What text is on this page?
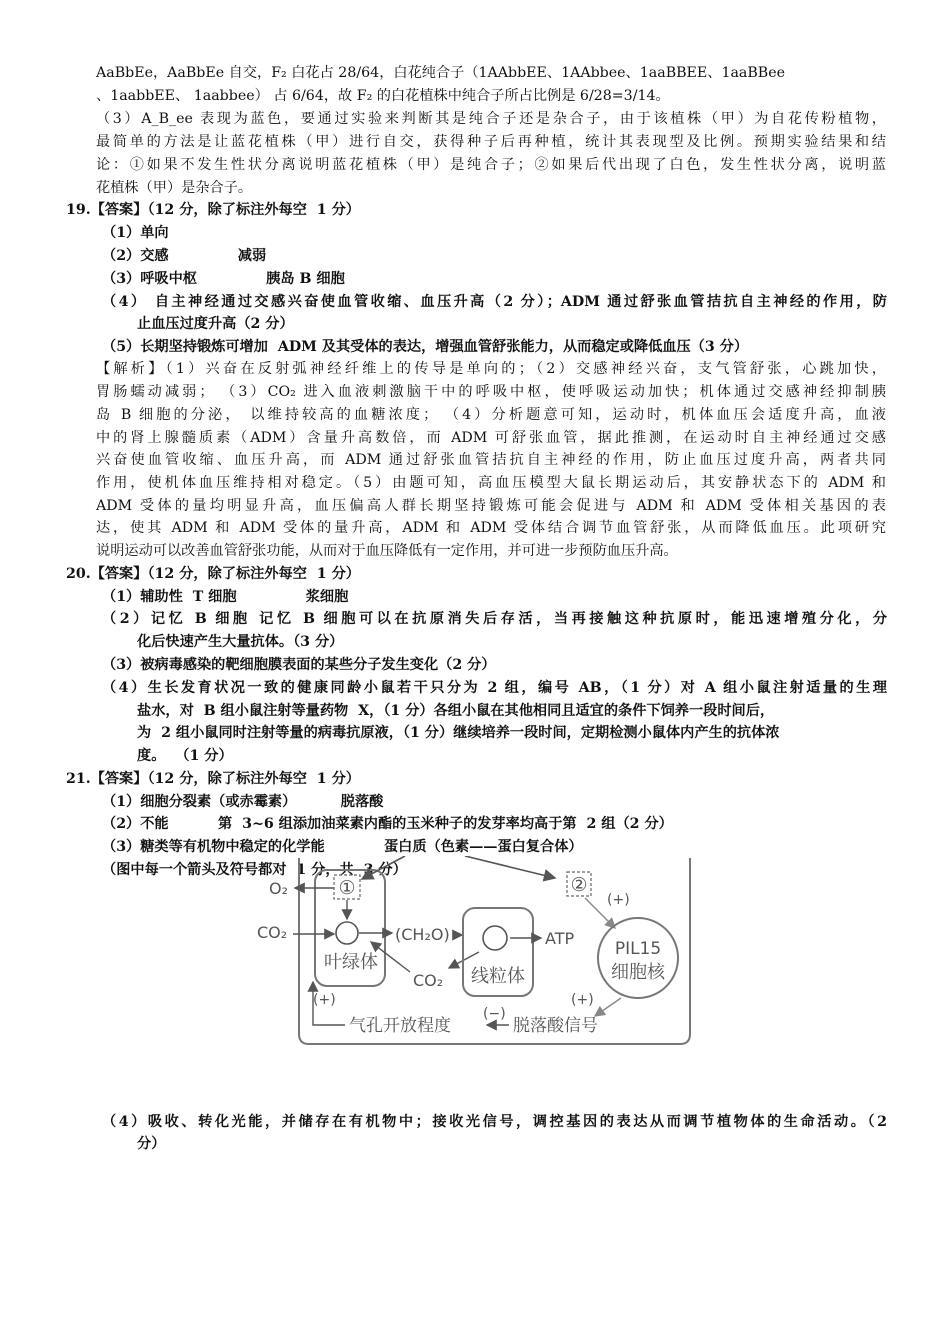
AaBbEe，AaBbEe 自交，F₂ 白花占 28/64，白花纯合子（1AAbbEE、1AAbbee、1aaBBEE、1aaBBee
、1aabbEE、 1aabbee） 占 6/64，故 F₂ 的白花植株中纯合子所占比例是 6/28=3/14。
（3）A_B_ee 表现为蓝色，要通过实验来判断其是纯合子还是杂合子，由于该植株（甲）为自花传粉植物，
最简单的方法是让蓝花植株（甲）进行自交，获得种子后再种植，统计其表现型及比例。预期实验结果和结
论：①如果不发生性状分离说明蓝花植株（甲）是纯合子；②如果后代出现了白色，发生性状分离，说明蓝
花植株（甲）是杂合子。
19.【答案】（12 分，除了标注外每空  1 分）
（1）单向
（2）交感              减弱
（3）呼吸中枢              胰岛 B 细胞
（4） 自主神经通过交感兴奋使血管收缩、血压升高（2 分）；ADM 通过舒张血管拮抗自主神经的作用，防
止血压过度升高（2 分）
（5）长期坚持锻炼可增加  ADM 及其受体的表达，增强血管舒张能力，从而稳定或降低血压（3 分）
【解析】（1）兴奋在反射弧神经纤维上的传导是单向的；（2）交感神经兴奋，支气管舒张，心跳加快，
胃肠蠕动减弱； （3）CO₂ 进入血液刺激脑干中的呼吸中枢，使呼吸运动加快；机体通过交感神经抑制胰
岛 B 细胞的分泌， 以维持较高的血糖浓度； （4）分析题意可知，运动时，机体血压会适度升高，血液
中的肾上腺髓质素（ADM）含量升高数倍，而 ADM 可舒张血管，据此推测，在运动时自主神经通过交感
兴奋使血管收缩、血压升高，而 ADM 通过舒张血管拮抗自主神经的作用，防止血压过度升高，两者共同
作用，使机体血压维持相对稳定。（5）由题可知，高血压模型大鼠长期运动后，其安静状态下的 ADM 和
ADM 受体的量均明显升高，血压偏高人群长期坚持锻炼可能会促进与 ADM 和 ADM 受体相关基因的表
达，使其 ADM 和 ADM 受体的量升高，ADM 和 ADM 受体结合调节血管舒张，从而降低血压。此项研究
说明运动可以改善血管舒张功能，从而对于血压降低有一定作用，并可进一步预防血压升高。
20.【答案】（12 分，除了标注外每空  1 分）
（1）辅助性  T 细胞              浆细胞
（2）记忆 B 细胞 记忆 B 细胞可以在抗原消失后存活，当再接触这种抗原时，能迅速增殖分化，分
化后快速产生大量抗体。（3 分）
（3）被病毒感染的靶细胞膜表面的某些分子发生变化（2 分）
（4）生长发育状况一致的健康同龄小鼠若干只分为 2 组，编号 AB，（1 分）对 A 组小鼠注射适量的生理
盐水，对  B 组小鼠注射等量药物  X，（1 分）各组小鼠在其他相同且适宜的条件下饲养一段时间后，
为  2 组小鼠同时注射等量的病毒抗原液，（1 分）继续培养一段时间，定期检测小鼠体内产生的抗体浓
度。  （1 分）
21.【答案】（12 分，除了标注外每空  1 分）
（1）细胞分裂素（或赤霉素）         脱落酸
（2）不能          第  3~6 组添加油菜素内酯的玉米种子的发芽率均高于第  2 组（2 分）
（3）糖类等有机物中稳定的化学能            蛋白质（色素——蛋白复合体）
（图中每一个箭头及符号都对  1 分，共  3 分）
①
叶绿体
O₂
CO₂	(CH₂O)
CO₂ 线粒体
ATP
②
(+)
PIL15
细胞核
脱落酸信号
(+)
(−)
气孔开放程度
(+)
（4）吸收、转化光能，并储存在有机物中；接收光信号，调控基因的表达从而调节植物体的生命活动。（2
分）
